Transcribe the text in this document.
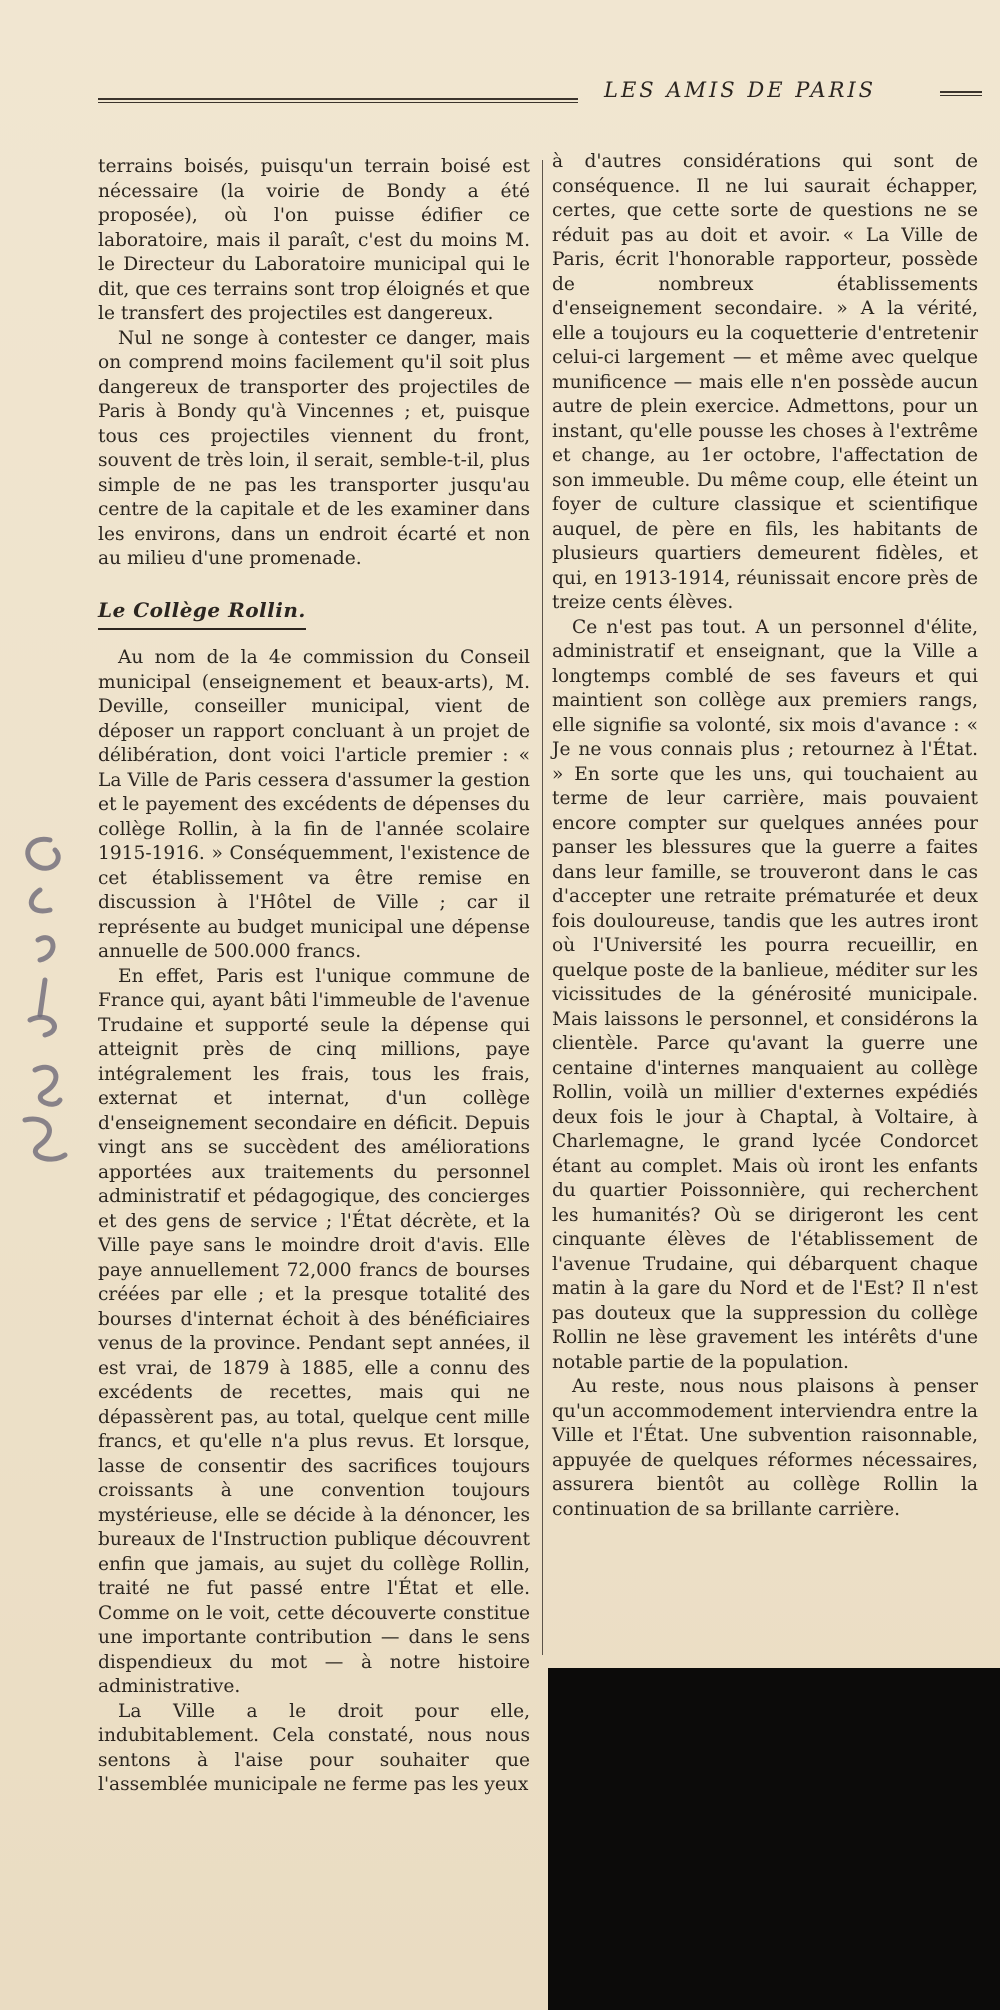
LES AMIS DE PARIS

terrains boisés, puisqu'un terrain boisé est nécessaire (la voirie de Bondy a été proposée), où l'on puisse édifier ce laboratoire, mais il paraît, c'est du moins M. le Directeur du Laboratoire municipal qui le dit, que ces terrains sont trop éloignés et que le transfert des projectiles est dangereux.

Nul ne songe à contester ce danger, mais on comprend moins facilement qu'il soit plus dangereux de transporter des projectiles de Paris à Bondy qu'à Vincennes ; et, puisque tous ces projectiles viennent du front, souvent de très loin, il serait, semble-t-il, plus simple de ne pas les transporter jusqu'au centre de la capitale et de les examiner dans les environs, dans un endroit écarté et non au milieu d'une promenade.

Le Collège Rollin.

Au nom de la 4e commission du Conseil municipal (enseignement et beaux-arts), M. Deville, conseiller municipal, vient de déposer un rapport concluant à un projet de délibération, dont voici l'article premier : « La Ville de Paris cessera d'assumer la gestion et le payement des excédents de dépenses du collège Rollin, à la fin de l'année scolaire 1915-1916. » Conséquemment, l'existence de cet établissement va être remise en discussion à l'Hôtel de Ville ; car il représente au budget municipal une dépense annuelle de 500.000 francs.

En effet, Paris est l'unique commune de France qui, ayant bâti l'immeuble de l'avenue Trudaine et supporté seule la dépense qui atteignit près de cinq millions, paye intégralement les frais, tous les frais, externat et internat, d'un collège d'enseignement secondaire en déficit. Depuis vingt ans se succèdent des améliorations apportées aux traitements du personnel administratif et pédagogique, des concierges et des gens de service ; l'État décrète, et la Ville paye sans le moindre droit d'avis. Elle paye annuellement 72,000 francs de bourses créées par elle ; et la presque totalité des bourses d'internat échoit à des bénéficiaires venus de la province. Pendant sept années, il est vrai, de 1879 à 1885, elle a connu des excédents de recettes, mais qui ne dépassèrent pas, au total, quelque cent mille francs, et qu'elle n'a plus revus. Et lorsque, lasse de consentir des sacrifices toujours croissants à une convention toujours mystérieuse, elle se décide à la dénoncer, les bureaux de l'Instruction publique découvrent enfin que jamais, au sujet du collège Rollin, traité ne fut passé entre l'État et elle. Comme on le voit, cette découverte constitue une importante contribution — dans le sens dispendieux du mot — à notre histoire administrative.

La Ville a le droit pour elle, indubitablement. Cela constaté, nous nous sentons à l'aise pour souhaiter que l'assemblée municipale ne ferme pas les yeux

à d'autres considérations qui sont de conséquence. Il ne lui saurait échapper, certes, que cette sorte de questions ne se réduit pas au doit et avoir. « La Ville de Paris, écrit l'honorable rapporteur, possède de nombreux établissements d'enseignement secondaire. » A la vérité, elle a toujours eu la coquetterie d'entretenir celui-ci largement — et même avec quelque munificence — mais elle n'en possède aucun autre de plein exercice. Admettons, pour un instant, qu'elle pousse les choses à l'extrême et change, au 1er octobre, l'affectation de son immeuble. Du même coup, elle éteint un foyer de culture classique et scientifique auquel, de père en fils, les habitants de plusieurs quartiers demeurent fidèles, et qui, en 1913-1914, réunissait encore près de treize cents élèves.

Ce n'est pas tout. A un personnel d'élite, administratif et enseignant, que la Ville a longtemps comblé de ses faveurs et qui maintient son collège aux premiers rangs, elle signifie sa volonté, six mois d'avance : « Je ne vous connais plus ; retournez à l'État. » En sorte que les uns, qui touchaient au terme de leur carrière, mais pouvaient encore compter sur quelques années pour panser les blessures que la guerre a faites dans leur famille, se trouveront dans le cas d'accepter une retraite prématurée et deux fois douloureuse, tandis que les autres iront où l'Université les pourra recueillir, en quelque poste de la banlieue, méditer sur les vicissitudes de la générosité municipale. Mais laissons le personnel, et considérons la clientèle. Parce qu'avant la guerre une centaine d'internes manquaient au collège Rollin, voilà un millier d'externes expédiés deux fois le jour à Chaptal, à Voltaire, à Charlemagne, le grand lycée Condorcet étant au complet. Mais où iront les enfants du quartier Poissonnière, qui recherchent les humanités? Où se dirigeront les cent cinquante élèves de l'établissement de l'avenue Trudaine, qui débarquent chaque matin à la gare du Nord et de l'Est? Il n'est pas douteux que la suppression du collège Rollin ne lèse gravement les intérêts d'une notable partie de la population.

Au reste, nous nous plaisons à penser qu'un accommodement interviendra entre la Ville et l'État. Une subvention raisonnable, appuyée de quelques réformes nécessaires, assurera bientôt au collège Rollin la continuation de sa brillante carrière.
